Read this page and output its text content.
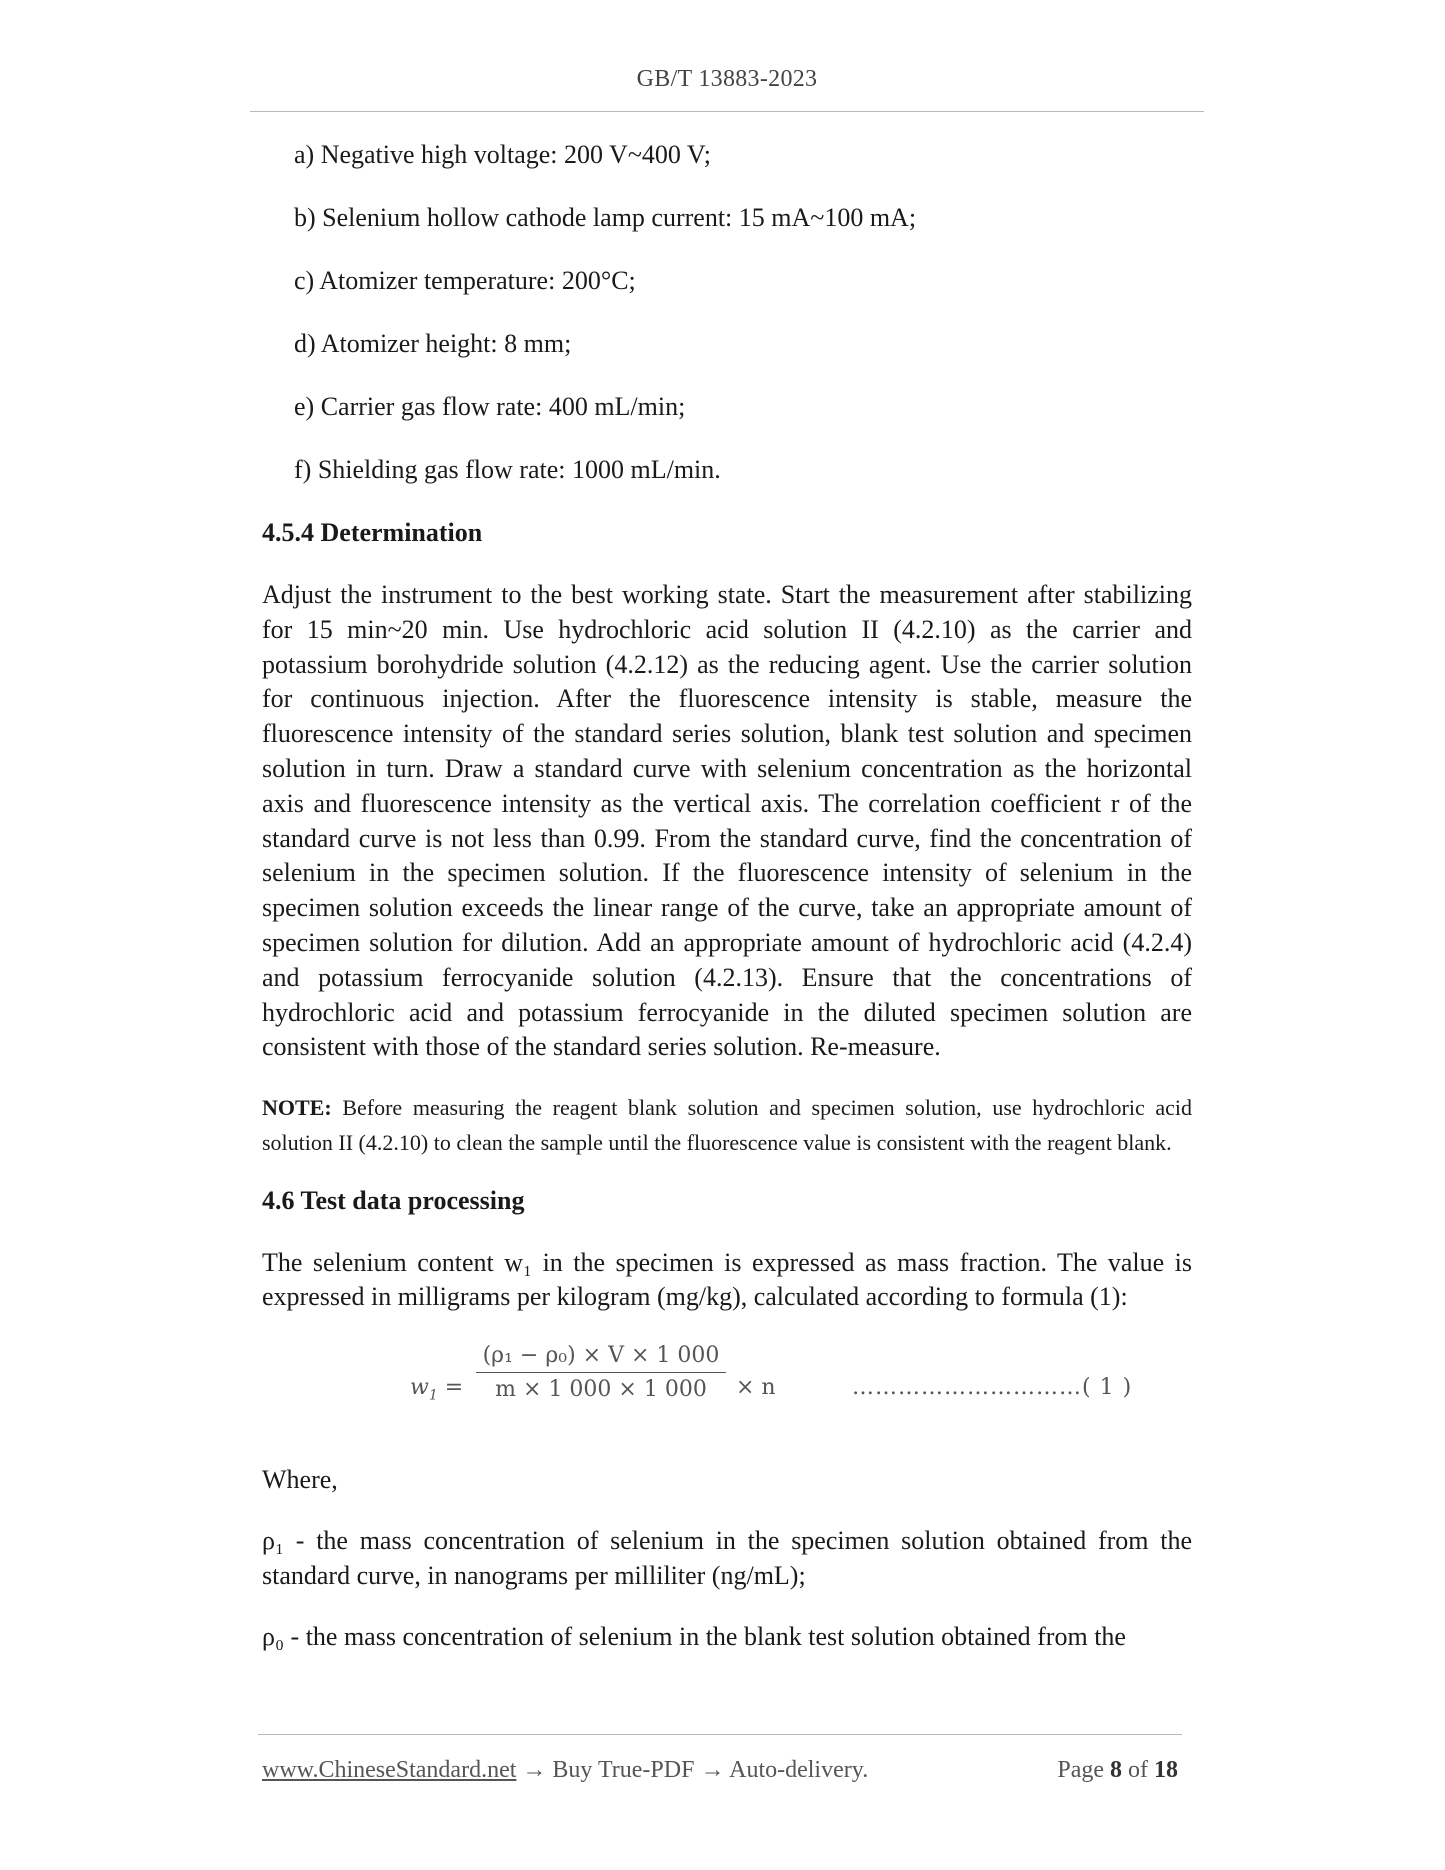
GB/T 13883-2023
a) Negative high voltage: 200 V~400 V;
b) Selenium hollow cathode lamp current: 15 mA~100 mA;
c) Atomizer temperature: 200°C;
d) Atomizer height: 8 mm;
e) Carrier gas flow rate: 400 mL/min;
f) Shielding gas flow rate: 1000 mL/min.
4.5.4 Determination

Adjust the instrument to the best working state. Start the measurement after stabilizing for 15 min~20 min. Use hydrochloric acid solution II (4.2.10) as the carrier and potassium borohydride solution (4.2.12) as the reducing agent. Use the carrier solution for continuous injection. After the fluorescence intensity is stable, measure the fluorescence intensity of the standard series solution, blank test solution and specimen solution in turn. Draw a standard curve with selenium concentration as the horizontal axis and fluorescence intensity as the vertical axis. The correlation coefficient r of the standard curve is not less than 0.99. From the standard curve, find the concentration of selenium in the specimen solution. If the fluorescence intensity of selenium in the specimen solution exceeds the linear range of the curve, take an appropriate amount of specimen solution for dilution. Add an appropriate amount of hydrochloric acid (4.2.4) and potassium ferrocyanide solution (4.2.13). Ensure that the concentrations of hydrochloric acid and potassium ferrocyanide in the diluted specimen solution are consistent with those of the standard series solution. Re-measure.

NOTE: Before measuring the reagent blank solution and specimen solution, use hydrochloric acid solution II (4.2.10) to clean the sample until the fluorescence value is consistent with the reagent blank.

4.6 Test data processing

The selenium content w₁ in the specimen is expressed as mass fraction. The value is expressed in milligrams per kilogram (mg/kg), calculated according to formula (1):

$w_1$ =
(ρ₁ − ρ₀) × V × 1 000
m × 1 000 × 1 000	× n	…………………………( 1 )

Where,

ρ₁ - the mass concentration of selenium in the specimen solution obtained from the standard curve, in nanograms per milliliter (ng/mL);

ρ₀ - the mass concentration of selenium in the blank test solution obtained from the

www.ChineseStandard.net → Buy True-PDF → Auto-delivery.	Page 8 of 18
